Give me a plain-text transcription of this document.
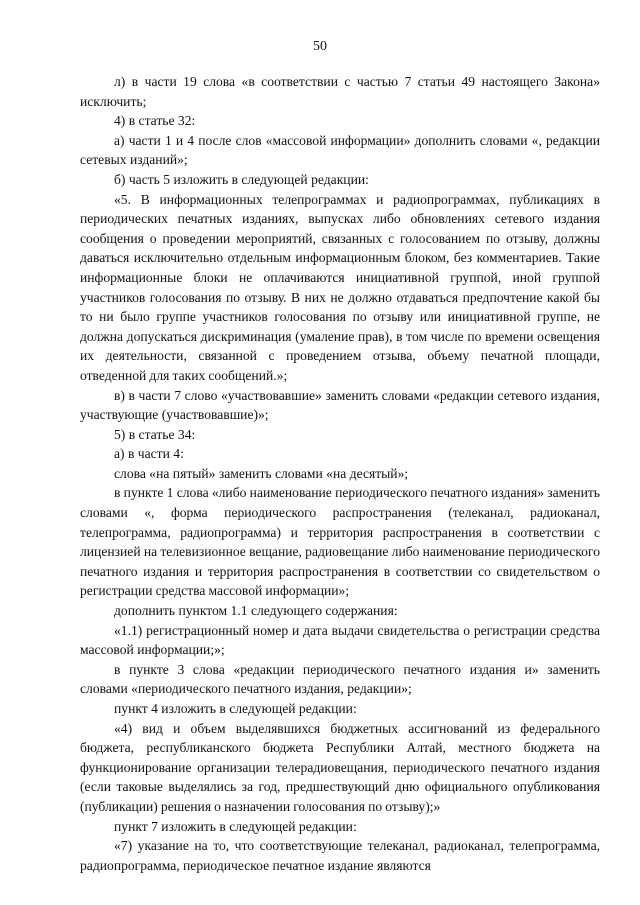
50

л) в части 19 слова «в соответствии с частью 7 статьи 49 настоящего Закона» исключить;

4) в статье 32:

а) части 1 и 4 после слов «массовой информации» дополнить словами «, редакции сетевых изданий»;

б) часть 5 изложить в следующей редакции:

«5. В информационных телепрограммах и радиопрограммах, публикациях в периодических печатных изданиях, выпусках либо обновлениях сетевого издания сообщения о проведении мероприятий, связанных с голосованием по отзыву, должны даваться исключительно отдельным информационным блоком, без комментариев. Такие информационные блоки не оплачиваются инициативной группой, иной группой участников голосования по отзыву. В них не должно отдаваться предпочтение какой бы то ни было группе участников голосования по отзыву или инициативной группе, не должна допускаться дискриминация (умаление прав), в том числе по времени освещения их деятельности, связанной с проведением отзыва, объему печатной площади, отведенной для таких сообщений.»;

в) в части 7 слово «участвовавшие» заменить словами «редакции сетевого издания, участвующие (участвовавшие)»;

5) в статье 34:

а) в части 4:

слова «на пятый» заменить словами «на десятый»;

в пункте 1 слова «либо наименование периодического печатного издания» заменить словами «, форма периодического распространения (телеканал, радиоканал, телепрограмма, радиопрограмма) и территория распространения в соответствии с лицензией на телевизионное вещание, радиовещание либо наименование периодического печатного издания и территория распространения в соответствии со свидетельством о регистрации средства массовой информации»;

дополнить пунктом 1.1 следующего содержания:

«1.1) регистрационный номер и дата выдачи свидетельства о регистрации средства массовой информации;»;

в пункте 3 слова «редакции периодического печатного издания и» заменить словами «периодического печатного издания, редакции»;

пункт 4 изложить в следующей редакции:

«4) вид и объем выделявшихся бюджетных ассигнований из федерального бюджета, республиканского бюджета Республики Алтай, местного бюджета на функционирование организации телерадиовещания, периодического печатного издания (если таковые выделялись за год, предшествующий дню официального опубликования (публикации) решения о назначении голосования по отзыву);»

пункт 7 изложить в следующей редакции:

«7) указание на то, что соответствующие телеканал, радиоканал, телепрограмма, радиопрограмма, периодическое печатное издание являются
